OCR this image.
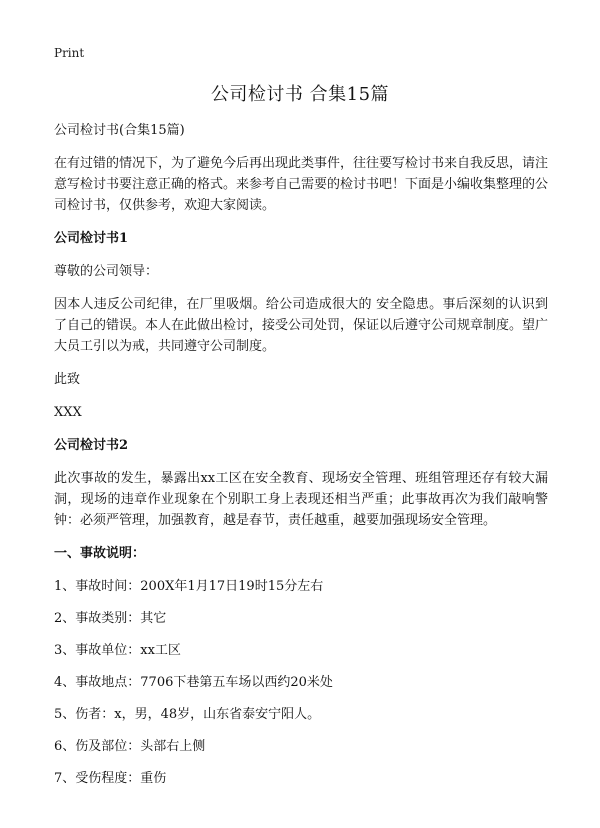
Print
公司检讨书 合集15篇

公司检讨书(合集15篇)

在有过错的情况下，为了避免今后再出现此类事件，往往要写检讨书来自我反思，请注意写检讨书要注意正确的格式。来参考自己需要的检讨书吧！下面是小编收集整理的公司检讨书，仅供参考，欢迎大家阅读。

公司检讨书1

尊敬的公司领导：

因本人违反公司纪律，在厂里吸烟。给公司造成很大的 安全隐患。事后深刻的认识到了自己的错误。本人在此做出检讨，接受公司处罚，保证以后遵守公司规章制度。望广大员工引以为戒，共同遵守公司制度。

此致

XXX

公司检讨书2

此次事故的发生，暴露出xx工区在安全教育、现场安全管理、班组管理还存有较大漏洞，现场的违章作业现象在个别职工身上表现还相当严重；此事故再次为我们敲响警钟：必须严管理，加强教育，越是春节，责任越重，越要加强现场安全管理。

一、事故说明：

1、事故时间：200X年1月17日19时15分左右

2、事故类别：其它

3、事故单位：xx工区

4、事故地点：7706下巷第五车场以西约20米处

5、伤者：x，男，48岁，山东省泰安宁阳人。

6、伤及部位：头部右上侧

7、受伤程度：重伤
